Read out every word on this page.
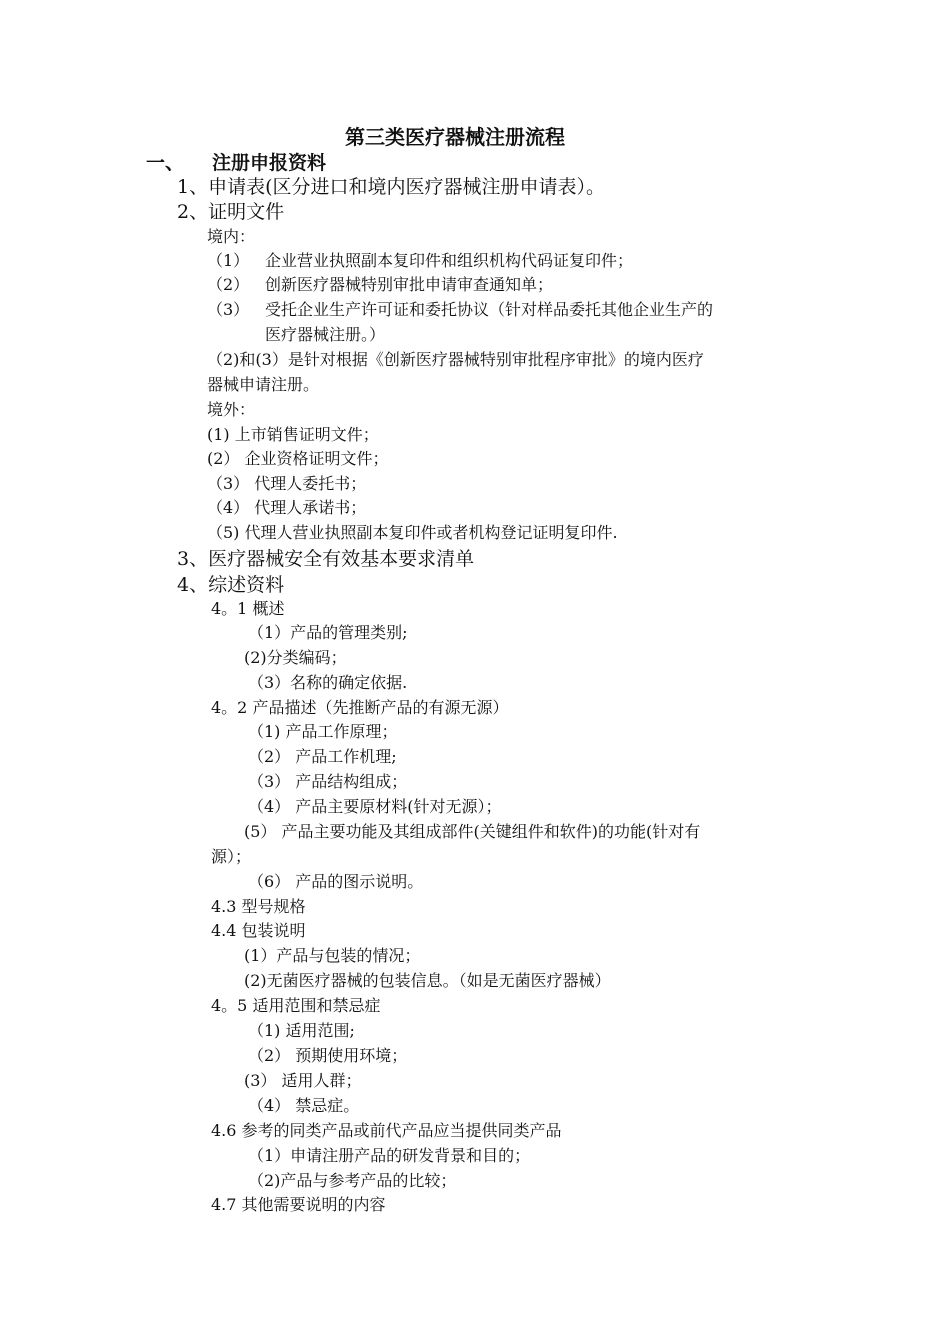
第三类医疗器械注册流程
一、 注册申报资料
1、申请表(区分进口和境内医疗器械注册申请表）。
2、证明文件
境内：
（1） 企业营业执照副本复印件和组织机构代码证复印件；
（2） 创新医疗器械特别审批申请审查通知单；
（3） 受托企业生产许可证和委托协议（针对样品委托其他企业生产的
医疗器械注册。）
（2)和(3）是针对根据《创新医疗器械特别审批程序审批》的境内医疗
器械申请注册。
境外：
(1) 上市销售证明文件；
(2） 企业资格证明文件；
（3） 代理人委托书；
（4） 代理人承诺书；
（5) 代理人营业执照副本复印件或者机构登记证明复印件.
3、医疗器械安全有效基本要求清单
4、综述资料
4。1 概述
（1）产品的管理类别;
(2)分类编码；
（3）名称的确定依据.
4。2 产品描述（先推断产品的有源无源）
（1) 产品工作原理；
（2） 产品工作机理;
（3） 产品结构组成；
（4） 产品主要原材料(针对无源）；
(5） 产品主要功能及其组成部件(关键组件和软件)的功能(针对有
源）；
（6） 产品的图示说明。
4.3 型号规格
4.4 包装说明
(1）产品与包装的情况；
(2)无菌医疗器械的包装信息。（如是无菌医疗器械）
4。5 适用范围和禁忌症
（1) 适用范围;
（2） 预期使用环境；
(3） 适用人群；
（4） 禁忌症。
4.6 参考的同类产品或前代产品应当提供同类产品
（1）申请注册产品的研发背景和目的；
（2)产品与参考产品的比较；
4.7 其他需要说明的内容
